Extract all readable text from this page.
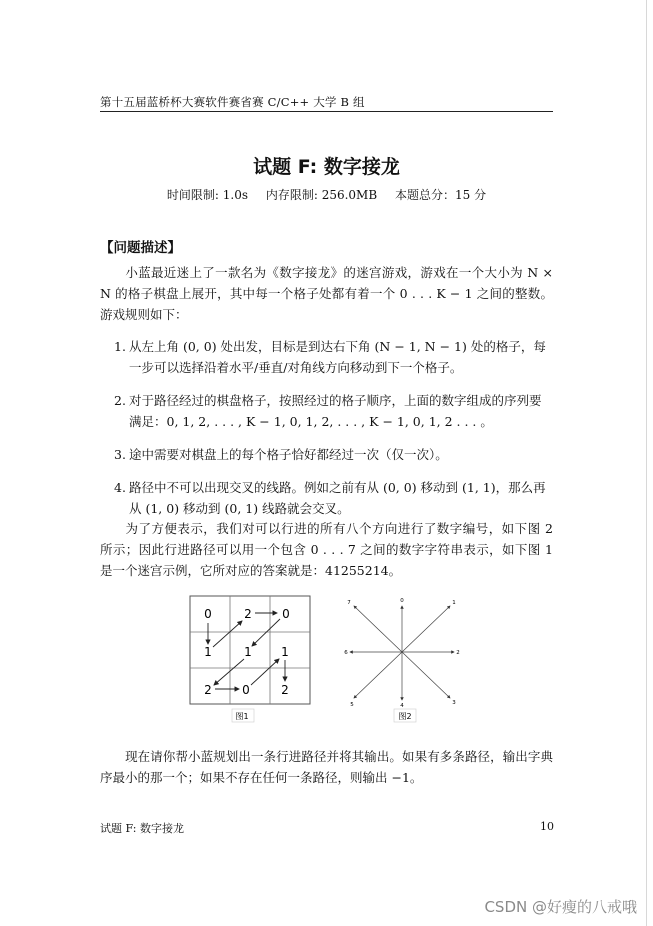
第十五届蓝桥杯大赛软件赛省赛 C/C++ 大学 B 组
试题 F: 数字接龙
时间限制: 1.0s 内存限制: 256.0MB 本题总分：15 分
【问题描述】

小蓝最近迷上了一款名为《数字接龙》的迷宫游戏，游戏在一个大小为 N × N 的格子棋盘上展开，其中每一个格子处都有着一个 0 . . . K − 1 之间的整数。游戏规则如下：

1. 从左上角 (0, 0) 处出发，目标是到达右下角 (N − 1, N − 1) 处的格子，每一步可以选择沿着水平/垂直/对角线方向移动到下一个格子。
2. 对于路径经过的棋盘格子，按照经过的格子顺序，上面的数字组成的序列要满足：0, 1, 2, . . . , K − 1, 0, 1, 2, . . . , K − 1, 0, 1, 2 . . . 。
3. 途中需要对棋盘上的每个格子恰好都经过一次（仅一次）。
4. 路径中不可以出现交叉的线路。例如之前有从 (0, 0) 移动到 (1, 1)，那么再从 (1, 0) 移动到 (0, 1) 线路就会交叉。

为了方便表示，我们对可以行进的所有八个方向进行了数字编号，如下图 2 所示；因此行进路径可以用一个包含 0 . . . 7 之间的数字字符串表示，如下图 1 是一个迷宫示例，它所对应的答案就是：41255214。

0	2	0
1	1 1
2	0	2
图1
0	1
2
3
4
5
6
7
图2

现在请你帮小蓝规划出一条行进路径并将其输出。如果有多条路径，输出字典序最小的那一个；如果不存在任何一条路径，则输出 −1。

试题 F: 数字接龙	10
CSDN @好瘦的八戒哦
